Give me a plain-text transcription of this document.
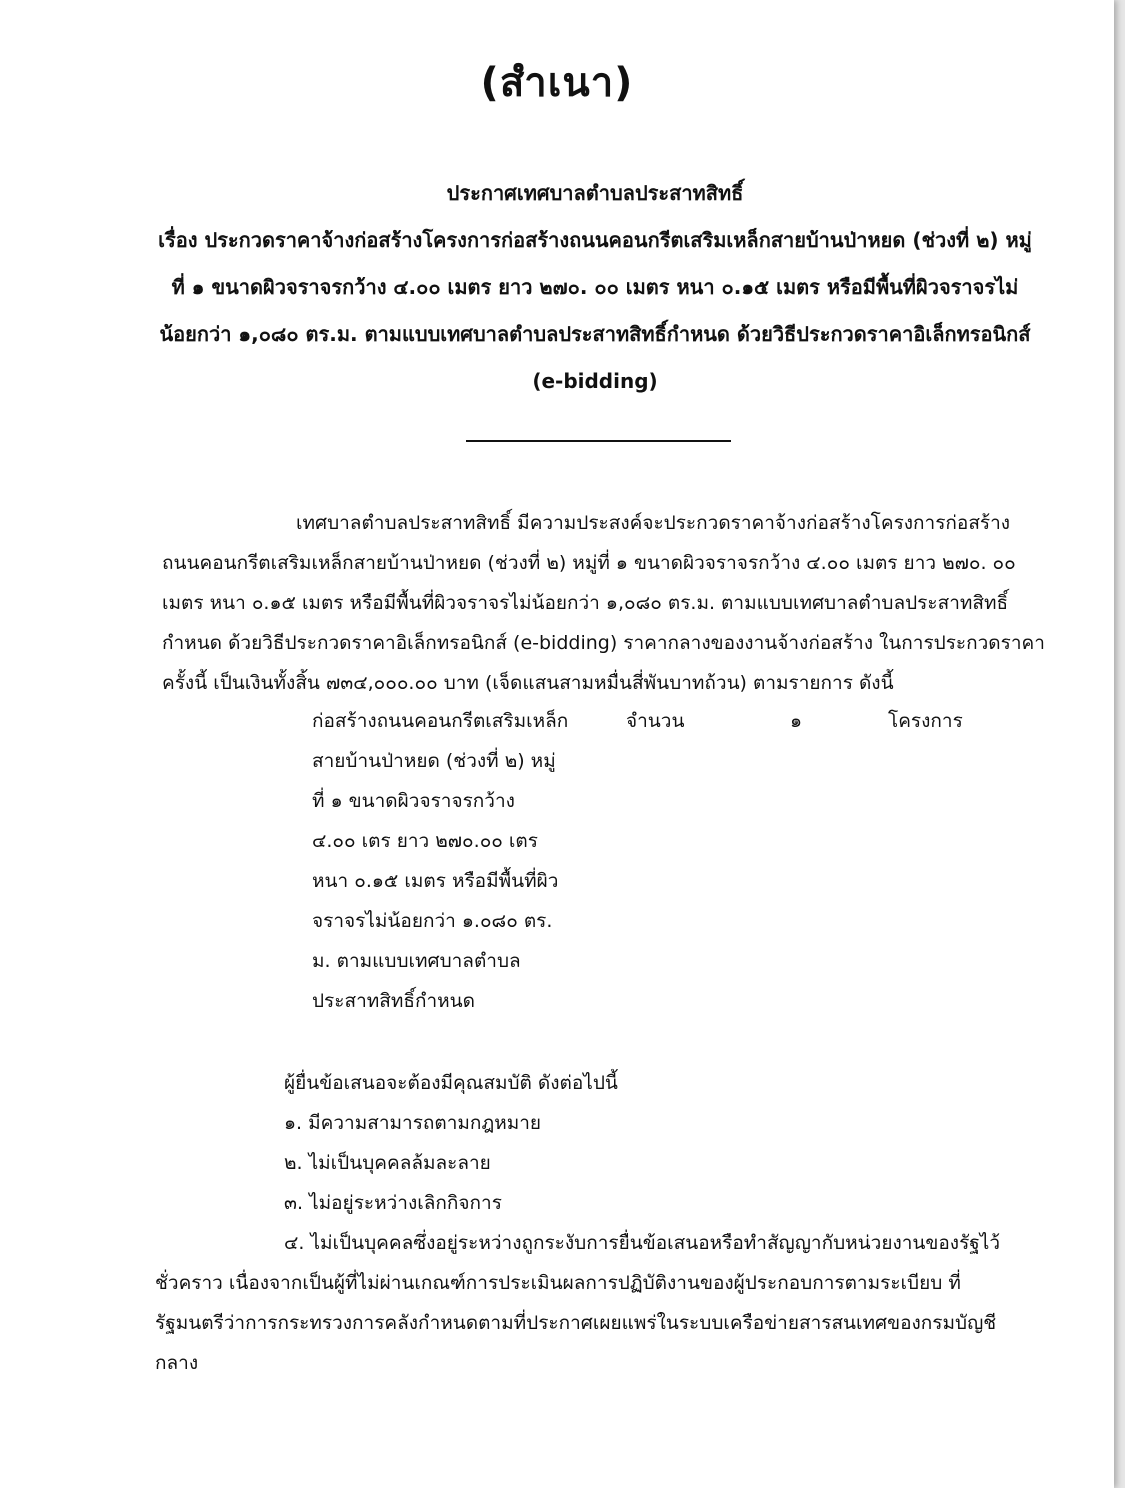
(สำเนา)
ประกาศเทศบาลตำบลประสาทสิทธิ์
เรื่อง ประกวดราคาจ้างก่อสร้างโครงการก่อสร้างถนนคอนกรีตเสริมเหล็กสายบ้านป่าหยด (ช่วงที่ ๒) หมู่
ที่ ๑ ขนาดผิวจราจรกว้าง ๔.๐๐ เมตร ยาว ๒๗๐. ๐๐ เมตร หนา ๐.๑๕ เมตร หรือมีพื้นที่ผิวจราจรไม่
น้อยกว่า ๑,๐๘๐ ตร.ม. ตามแบบเทศบาลตำบลประสาทสิทธิ์กำหนด ด้วยวิธีประกวดราคาอิเล็กทรอนิกส์
(e-bidding)
เทศบาลตำบลประสาทสิทธิ์ มีความประสงค์จะประกวดราคาจ้างก่อสร้างโครงการก่อสร้าง
ถนนคอนกรีตเสริมเหล็กสายบ้านป่าหยด (ช่วงที่ ๒) หมู่ที่ ๑ ขนาดผิวจราจรกว้าง ๔.๐๐ เมตร ยาว ๒๗๐. ๐๐
เมตร หนา ๐.๑๕ เมตร หรือมีพื้นที่ผิวจราจรไม่น้อยกว่า ๑,๐๘๐ ตร.ม. ตามแบบเทศบาลตำบลประสาทสิทธิ์
กำหนด ด้วยวิธีประกวดราคาอิเล็กทรอนิกส์ (e-bidding) ราคากลางของงานจ้างก่อสร้าง ในการประกวดราคา
ครั้งนี้ เป็นเงินทั้งสิ้น ๗๓๔,๐๐๐.๐๐ บาท (เจ็ดแสนสามหมื่นสี่พันบาทถ้วน) ตามรายการ ดังนี้
ก่อสร้างถนนคอนกรีตเสริมเหล็ก	จำนวน	๑	โครงการ
สายบ้านป่าหยด (ช่วงที่ ๒) หมู่
ที่ ๑ ขนาดผิวจราจรกว้าง
๔.๐๐ เตร ยาว ๒๗๐.๐๐ เตร
หนา ๐.๑๕ เมตร หรือมีพื้นที่ผิว
จราจรไม่น้อยกว่า ๑.๐๘๐ ตร.
ม. ตามแบบเทศบาลตำบล
ประสาทสิทธิ์กำหนด
ผู้ยื่นข้อเสนอจะต้องมีคุณสมบัติ ดังต่อไปนี้
๑. มีความสามารถตามกฎหมาย
๒. ไม่เป็นบุคคลล้มละลาย
๓. ไม่อยู่ระหว่างเลิกกิจการ
๔. ไม่เป็นบุคคลซึ่งอยู่ระหว่างถูกระงับการยื่นข้อเสนอหรือทำสัญญากับหน่วยงานของรัฐไว้
ชั่วคราว เนื่องจากเป็นผู้ที่ไม่ผ่านเกณฑ์การประเมินผลการปฏิบัติงานของผู้ประกอบการตามระเบียบ ที่
รัฐมนตรีว่าการกระทรวงการคลังกำหนดตามที่ประกาศเผยแพร่ในระบบเครือข่ายสารสนเทศของกรมบัญชี
กลาง
